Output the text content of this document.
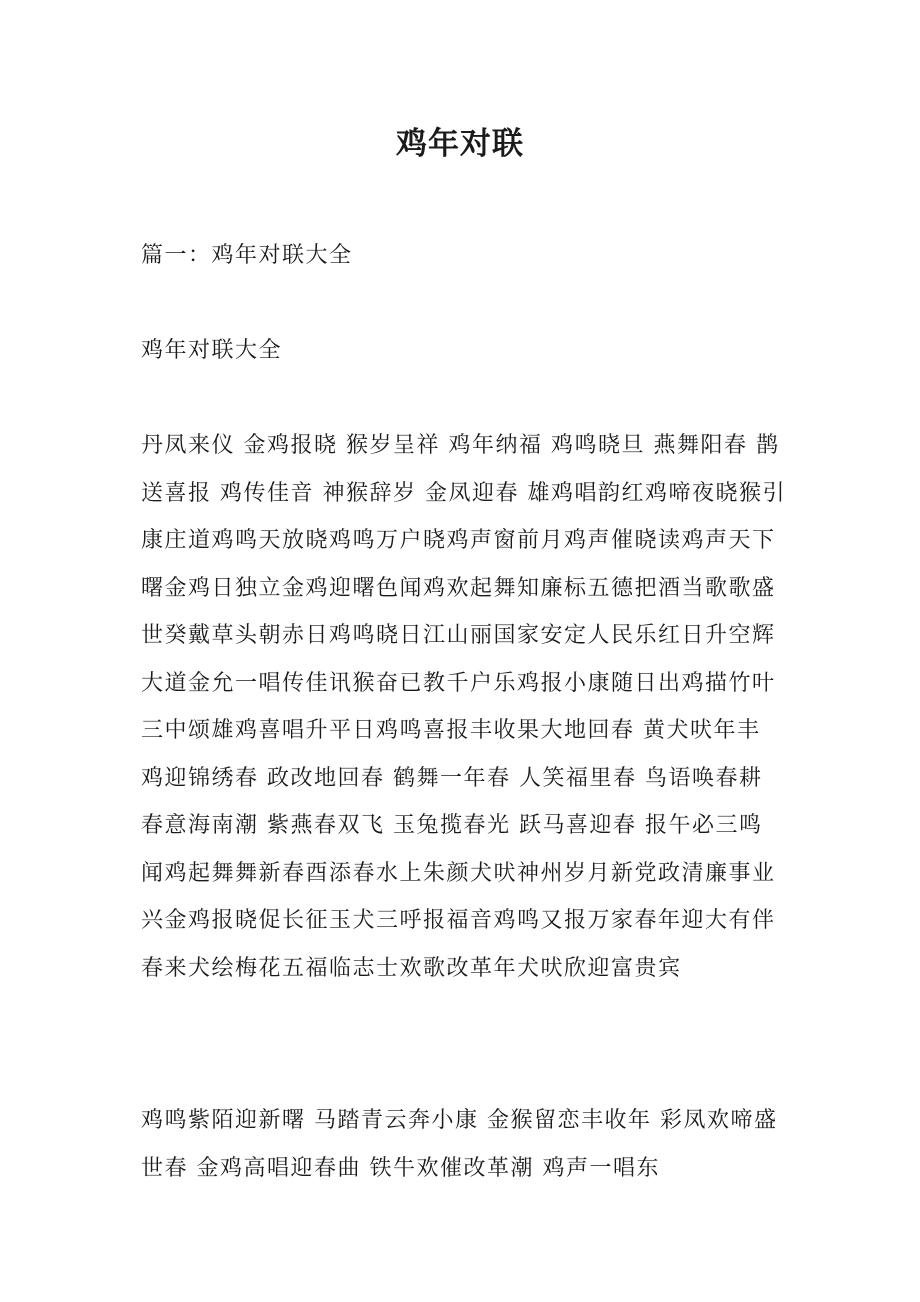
鸡年对联

篇一：鸡年对联大全

鸡年对联大全

丹凤来仪 金鸡报晓 猴岁呈祥 鸡年纳福 鸡鸣晓旦 燕舞阳春 鹊送喜报 鸡传佳音 神猴辞岁 金凤迎春 雄鸡唱韵红鸡啼夜晓猴引康庄道鸡鸣天放晓鸡鸣万户晓鸡声窗前月鸡声催晓读鸡声天下曙金鸡日独立金鸡迎曙色闻鸡欢起舞知廉标五德把酒当歌歌盛世癸戴草头朝赤日鸡鸣晓日江山丽国家安定人民乐红日升空辉大道金允一唱传佳讯猴奋已教千户乐鸡报小康随日出鸡描竹叶三中颂雄鸡喜唱升平日鸡鸣喜报丰收果大地回春 黄犬吠年丰 鸡迎锦绣春 政改地回春 鹤舞一年春 人笑福里春 鸟语唤春耕 春意海南潮 紫燕春双飞 玉兔揽春光 跃马喜迎春 报午必三鸣 闻鸡起舞舞新春酉添春水上朱颜犬吠神州岁月新党政清廉事业兴金鸡报晓促长征玉犬三呼报福音鸡鸣又报万家春年迎大有伴春来犬绘梅花五福临志士欢歌改革年犬吠欣迎富贵宾

鸡鸣紫陌迎新曙 马踏青云奔小康 金猴留恋丰收年 彩凤欢啼盛世春 金鸡高唱迎春曲 铁牛欢催改革潮 鸡声一唱东
